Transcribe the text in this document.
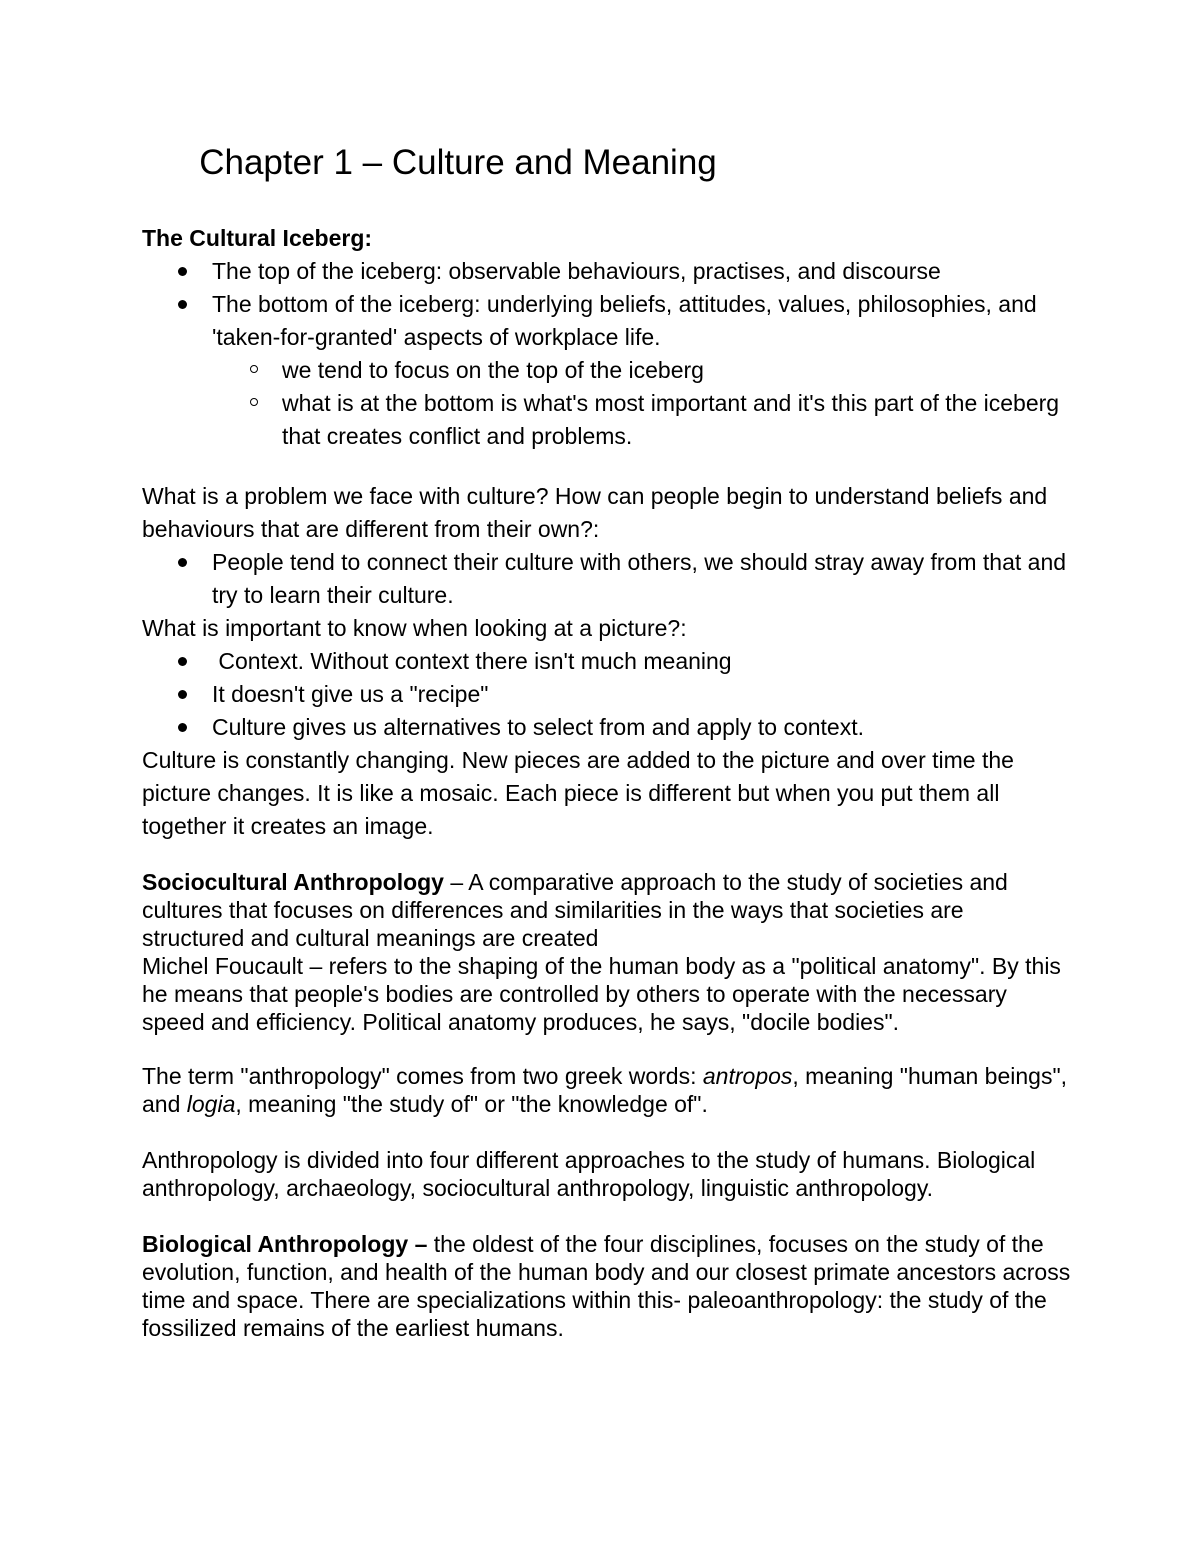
Chapter 1 – Culture and Meaning

The Cultural Iceberg:

The top of the iceberg: observable behaviours, practises, and discourse
The bottom of the iceberg: underlying beliefs, attitudes, values, philosophies, and 'taken-for-granted' aspects of workplace life.
we tend to focus on the top of the iceberg
what is at the bottom is what's most important and it's this part of the iceberg that creates conflict and problems.

What is a problem we face with culture? How can people begin to understand beliefs and behaviours that are different from their own?:

People tend to connect their culture with others, we should stray away from that and try to learn their culture.

What is important to know when looking at a picture?:

Context. Without context there isn't much meaning
It doesn't give us a "recipe"
Culture gives us alternatives to select from and apply to context.

Culture is constantly changing. New pieces are added to the picture and over time the picture changes. It is like a mosaic. Each piece is different but when you put them all together it creates an image.

Sociocultural Anthropology – A comparative approach to the study of societies and cultures that focuses on differences and similarities in the ways that societies are structured and cultural meanings are created

Michel Foucault – refers to the shaping of the human body as a "political anatomy". By this he means that people's bodies are controlled by others to operate with the necessary speed and efficiency. Political anatomy produces, he says, "docile bodies".

The term "anthropology" comes from two greek words: antropos, meaning "human beings", and logia, meaning "the study of" or "the knowledge of".

Anthropology is divided into four different approaches to the study of humans. Biological anthropology, archaeology, sociocultural anthropology, linguistic anthropology.

Biological Anthropology – the oldest of the four disciplines, focuses on the study of the evolution, function, and health of the human body and our closest primate ancestors across time and space. There are specializations within this- paleoanthropology: the study of the fossilized remains of the earliest humans.
